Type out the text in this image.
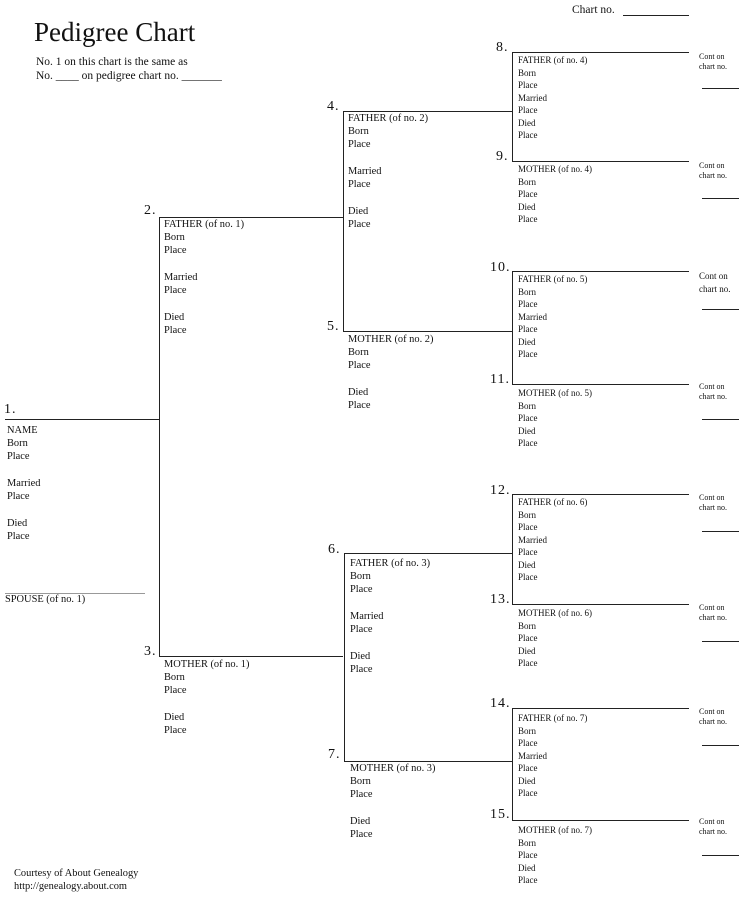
Chart no.
Pedigree Chart
No. 1 on this chart is the same as
No. ____ on pedigree chart no. _______
1.
NAME
Born
Place
Married
Place
Died
Place
SPOUSE (of no. 1)
2.
FATHER (of no. 1)
Born
Place
Married
Place
Died
Place
3.
MOTHER (of no. 1)
Born
Place
Died
Place
4.
FATHER (of no. 2)
Born
Place
Married
Place
Died
Place
5.
MOTHER (of no. 2)
Born
Place
Died
Place
6.
FATHER (of no. 3)
Born
Place
Married
Place
Died
Place
7.
MOTHER (of no. 3)
Born
Place
Died
Place
8.
FATHER (of no. 4)
Born
Place
Married
Place
Died
Place
Cont on
chart no.
9.
MOTHER (of no. 4)
Born
Place
Died
Place
Cont on
chart no.
10.
FATHER (of no. 5)
Born
Place
Married
Place
Died
Place
Cont on
chart no.
11.
MOTHER (of no. 5)
Born
Place
Died
Place
Cont on
chart no.
12.
FATHER (of no. 6)
Born
Place
Married
Place
Died
Place
Cont on
chart no.
13.
MOTHER (of no. 6)
Born
Place
Died
Place
Cont on
chart no.
14.
FATHER (of no. 7)
Born
Place
Married
Place
Died
Place
Cont on
chart no.
15.
MOTHER (of no. 7)
Born
Place
Died
Place
Cont on
chart no.
Courtesy of About Genealogy
http://genealogy.about.com
